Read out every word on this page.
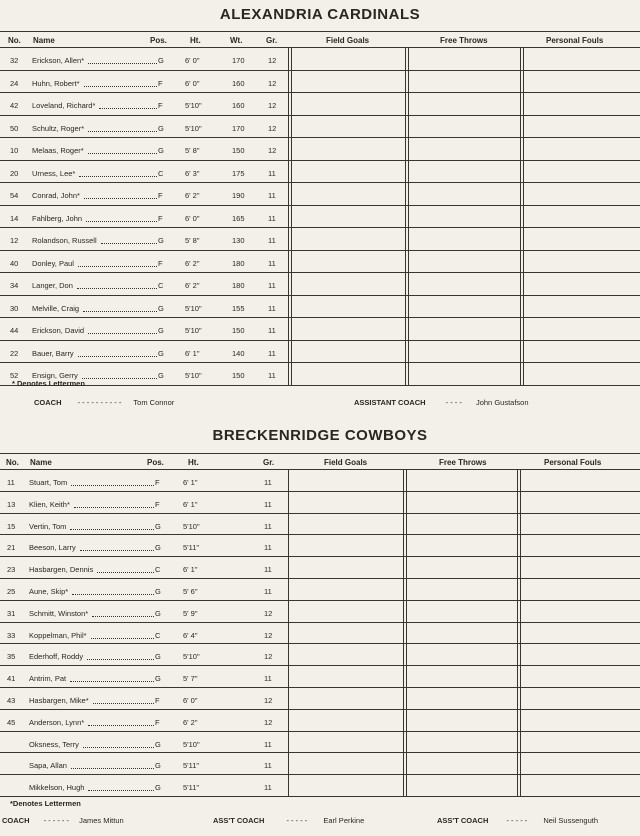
ALEXANDRIA CARDINALS
No. Name	Pos.	Ht.	Wt.	Gr.	Field Goals	Free Throws	Personal Fouls
32 Erickson, Allen*	G	6' 0"	170	12
24 Huhn, Robert*	F	6' 0"	160	12
42 Loveland, Richard*	F	5'10"	160	12
50 Schultz, Roger*	G	5'10"	170	12
10 Melaas, Roger*	G	5' 8"	150	12
20 Urness, Lee*	C	6' 3"	175	11
54 Conrad, John*	F	6' 2"	190	11
14 Fahlberg, John	F	6' 0"	165	11
12 Rolandson, Russell	G	5' 8"	130	11
40 Donley, Paul	F	6' 2"	180	11
34 Langer, Don	C	6' 2"	180	11
30 Melville, Craig	G	5'10"	155	11
44 Erickson, David	G	5'10"	150	11
22 Bauer, Barry	G	6' 1"	140	11
52 Ensign, Gerry	G	5'10"	150	11
* Denotes Lettermen
COACH - - - - - - - - - - Tom Connor	ASSISTANT COACH	- - - - John Gustafson
BRECKENRIDGE COWBOYS
No. Name	Pos.	Ht.	Gr.	Field Goals	Free Throws	Personal Fouls
11 Stuart, Tom	F	6' 1"	11
13 Klien, Keith*	F	6' 1"	11
15 Vertin, Tom	G	5'10"	11
21 Beeson, Larry	G	5'11"	11
23 Hasbargen, Dennis	C	6' 1"	11
25 Aune, Skip*	G	5' 6"	11
31 Schmitt, Winston*	G	5' 9"	12
33 Koppelman, Phil*	C	6' 4"	12
35 Ederhoff, Roddy	G	5'10"	12
41 Antrim, Pat	G	5' 7"	11
43 Hasbargen, Mike*	F	6' 0"	12
45 Anderson, Lynn*	F	6' 2"	12
Oksness, Terry	G	5'10"	11
Sapa, Allan	G	5'11"	11
Mikkelson, Hugh	G	5'11"	11
*Denotes Lettermen
COACH - - - - - - James Mittun	ASS'T COACH	- - - - - Earl Perkine	ASS'T COACH - - - - - Neil Sussenguth
